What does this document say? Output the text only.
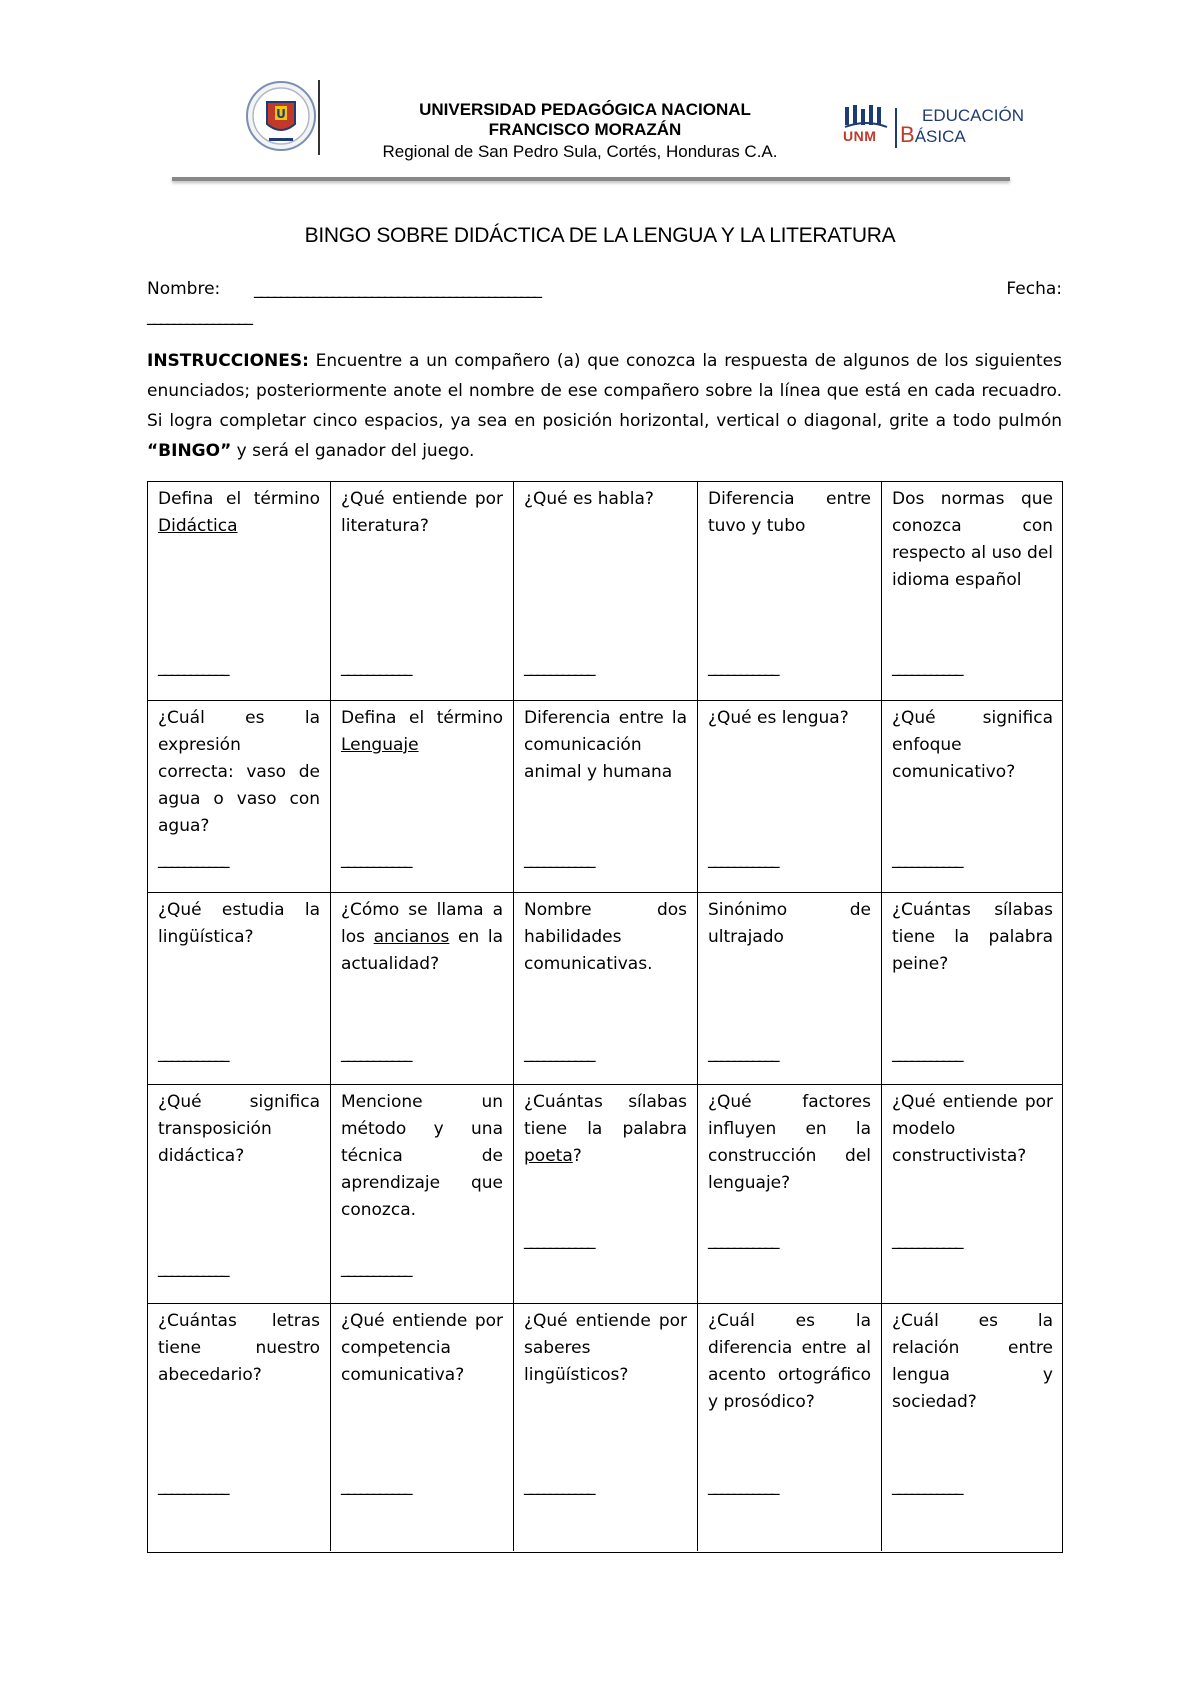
U	UNIVERSIDAD PEDAGÓGICA NACIONAL
FRANCISCO MORAZÁN
Regional de San Pedro Sula, Cortés, Honduras C.A.
UNM
EDUCACIÓN
BÁSICA
BINGO SOBRE DIDÁCTICA DE LA LENGUA Y LA LITERATURA
Nombre: ____________________________________________	Fecha:
________________
INSTRUCCIONES: Encuentre a un compañero (a) que conozca la respuesta de algunos de los siguientes enunciados; posteriormente anote el nombre de ese compañero sobre la línea que está en cada recuadro. Si logra completar cinco espacios, ya sea en posición horizontal, vertical o diagonal, grite a todo pulmón “BINGO” y será el ganador del juego.
Defina el término Didáctica
___________
¿Qué entiende por literatura?
___________
¿Qué es habla?
___________
Diferencia entre tuvo y tubo
___________
Dos normas que conozca con respecto al uso del idioma español
___________
¿Cuál es la expresión correcta: vaso de agua o vaso con agua?
___________
Defina el término Lenguaje
___________
Diferencia entre la comunicación animal y humana
___________
¿Qué es lengua?
___________
¿Qué significa enfoque comunicativo?
___________
¿Qué estudia la lingüística?
___________
¿Cómo se llama a los ancianos en la actualidad?
___________
Nombre dos habilidades comunicativas.
___________
Sinónimo de ultrajado
___________
¿Cuántas sílabas tiene la palabra peine?
___________
¿Qué significa transposición didáctica?
___________
Mencione un método y una técnica de aprendizaje que conozca.
___________
¿Cuántas sílabas tiene la palabra poeta?
___________
¿Qué factores influyen en la construcción del lenguaje?
___________
¿Qué entiende por modelo constructivista?
___________
¿Cuántas letras tiene nuestro abecedario?
___________
¿Qué entiende por competencia comunicativa?
___________
¿Qué entiende por saberes lingüísticos?
___________
¿Cuál es la diferencia entre al acento ortográfico y prosódico?
___________
¿Cuál es la relación entre lengua y sociedad?
___________
